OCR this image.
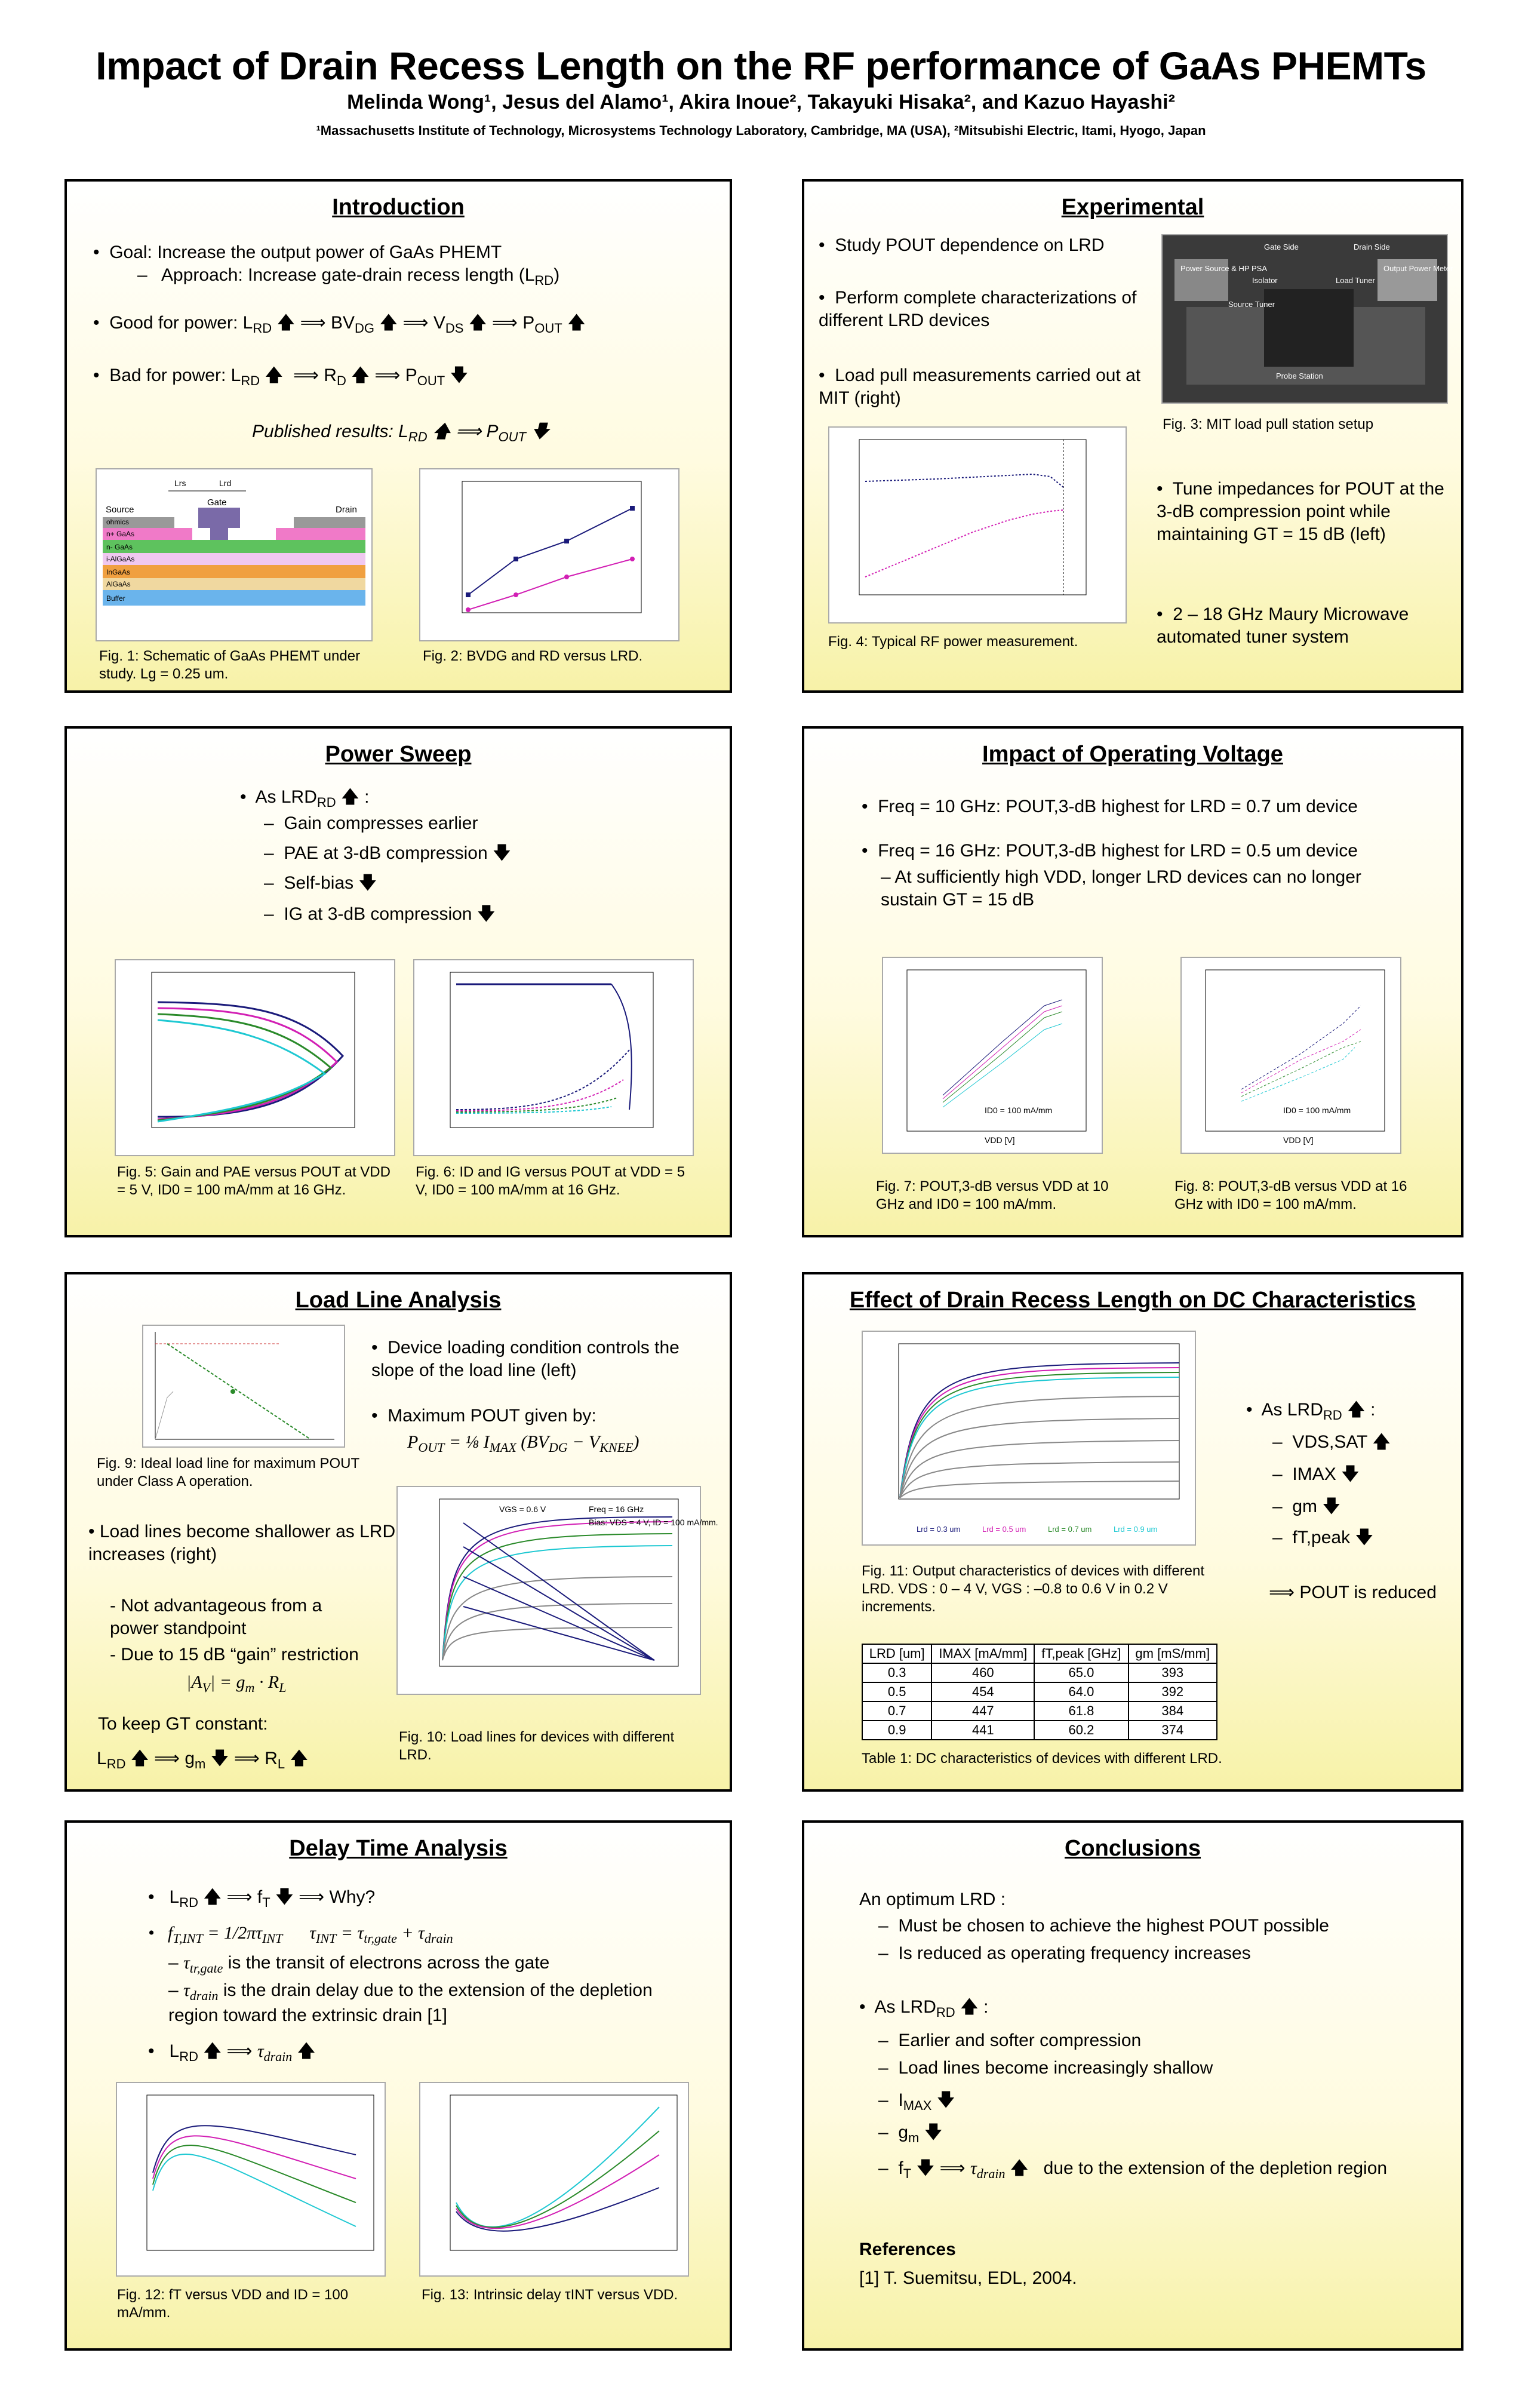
Impact of Drain Recess Length on the RF performance of GaAs PHEMTs
Melinda Wong¹, Jesus del Alamo¹, Akira Inoue², Takayuki Hisaka², and Kazuo Hayashi²
¹Massachusetts Institute of Technology, Microsystems Technology Laboratory, Cambridge, MA (USA), ²Mitsubishi Electric, Itami, Hyogo, Japan
Introduction
•  Goal: Increase the output power of GaAs PHEMT
–   Approach: Increase gate-drain recess length $(L_{RD})$
•  Good for power: $L_{RD}$ 🡅 ⟹ $BV_{DG}$ 🡅 ⟹ $V_{DS}$ 🡅 ⟹ $P_{OUT}$ 🡅
•  Bad for power: $L_{RD}$ 🡅  ⟹ $R_D$ 🡅 ⟹ $P_{OUT}$ 🡇
Published results: $L_{RD}$ 🡅 ⟹ $P_{OUT}$ 🡇
Lrs	Lrd
Source
Gate
Drain
ohmics
n+ GaAs
n- GaAs
i-AlGaAs
InGaAs
AlGaAs
Buffer
Fig. 1: Schematic of GaAs PHEMT under study. Lg = 0.25 um.
Fig. 2: BVDG and RD versus LRD.
Experimental
•  Study POUT dependence on LRD
•  Perform complete characterizations of different LRD devices
•  Load pull measurements carried out at MIT (right)
Gate Side	Drain Side
Power Source & HP PSA
Isolator	Load Tuner
Source Tuner
Output Power Meter
Probe Station
Fig. 3: MIT load pull station setup
Fig. 4: Typical RF power measurement.
•  Tune impedances for POUT at the 3-dB compression point while maintaining GT = 15 dB (left)
•  2 – 18 GHz Maury Microwave automated tuner system
Power Sweep
•  As $LRD_{RD}$ 🡅 :
–  Gain compresses earlier
–  PAE at 3-dB compression 🡇
–  Self-bias 🡇
–  IG at 3-dB compression 🡇
Fig. 5: Gain and PAE versus POUT at VDD = 5 V, ID0 = 100 mA/mm at 16 GHz.
Fig. 6: ID and IG versus POUT at VDD = 5 V, ID0 = 100 mA/mm at 16 GHz.
Impact of Operating Voltage
•  Freq = 10 GHz: POUT,3-dB highest for LRD = 0.7 um device
•  Freq = 16 GHz: POUT,3-dB highest for LRD = 0.5 um device
– At sufficiently high VDD, longer LRD devices can no longer sustain GT = 15 dB
ID0 = 100 mA/mm
VDD [V]
ID0 = 100 mA/mm
VDD [V]
Fig. 7: POUT,3-dB versus VDD at 10 GHz and ID0 = 100 mA/mm.
Fig. 8: POUT,3-dB versus VDD at 16 GHz with ID0 = 100 mA/mm.
Load Line Analysis
Fig. 9: Ideal load line for maximum POUT under Class A operation.
•  Device loading condition controls the slope of the load line (left)
•  Maximum POUT given by:
$P_{OUT}$ = ⅛ $I_{MAX}$ $(BV_{DG} - V_{KNEE})$
• Load lines become shallower as LRD increases (right)
- Not advantageous from a power standpoint
- Due to 15 dB “gain” restriction
$|A_V| = g_m \cdot R_L$
To keep GT constant:
$L_{RD}$ 🡅 ⟹ $g_m$ 🡇 ⟹ $R_L$ 🡅
VGS = 0.6 V	Freq = 16 GHz
Bias: VDS = 4 V, ID = 100 mA/mm.
Fig. 10: Load lines for devices with different LRD.
Effect of Drain Recess Length on DC Characteristics
Lrd = 0.3 um	Lrd = 0.5 um	Lrd = 0.7 um	Lrd = 0.9 um
Fig. 11: Output characteristics of devices with different LRD. VDS : 0 – 4 V, VGS : –0.8 to 0.6 V in 0.2 V increments.
•  As $LRD_{RD}$ 🡅 :
–  VDS,SAT 🡅
–  IMAX 🡇
–  gm 🡇
–  fT,peak 🡇
⟹ POUT is reduced
LRD [um]	IMAX [mA/mm]	fT,peak [GHz]	gm [mS/mm]
0.3	460	65.0	393
0.5	454	64.0	392
0.7	447	61.8	384
0.9	441	60.2	374
Table 1: DC characteristics of devices with different LRD.
Delay Time Analysis
•   $L_{RD}$ 🡅 ⟹ $f_T$ 🡇 ⟹ Why?
•   $f_{T,INT} = 1/2\pi\tau_{INT}$      $\tau_{INT} = \tau_{tr,gate} + \tau_{drain}$
– $\tau_{tr,gate}$ is the transit of electrons across the gate
– $\tau_{drain}$ is the drain delay due to the extension of the depletion region toward the extrinsic drain [1]
•   $L_{RD}$ 🡅 ⟹ $\tau_{drain}$ 🡅
Fig. 12: fT versus VDD and ID = 100 mA/mm.
Fig. 13: Intrinsic delay τINT versus VDD.
Conclusions
An optimum LRD :
–  Must be chosen to achieve the highest POUT possible
–  Is reduced as operating frequency increases
•  As $LRD_{RD}$ 🡅 :
–  Earlier and softer compression
–  Load lines become increasingly shallow
–  $I_{MAX}$ 🡇
–  $g_m$ 🡇
–  $f_T$ 🡇 ⟹ $\tau_{drain}$ 🡅   due to the extension of the depletion region
References
[1] T. Suemitsu, EDL, 2004.
